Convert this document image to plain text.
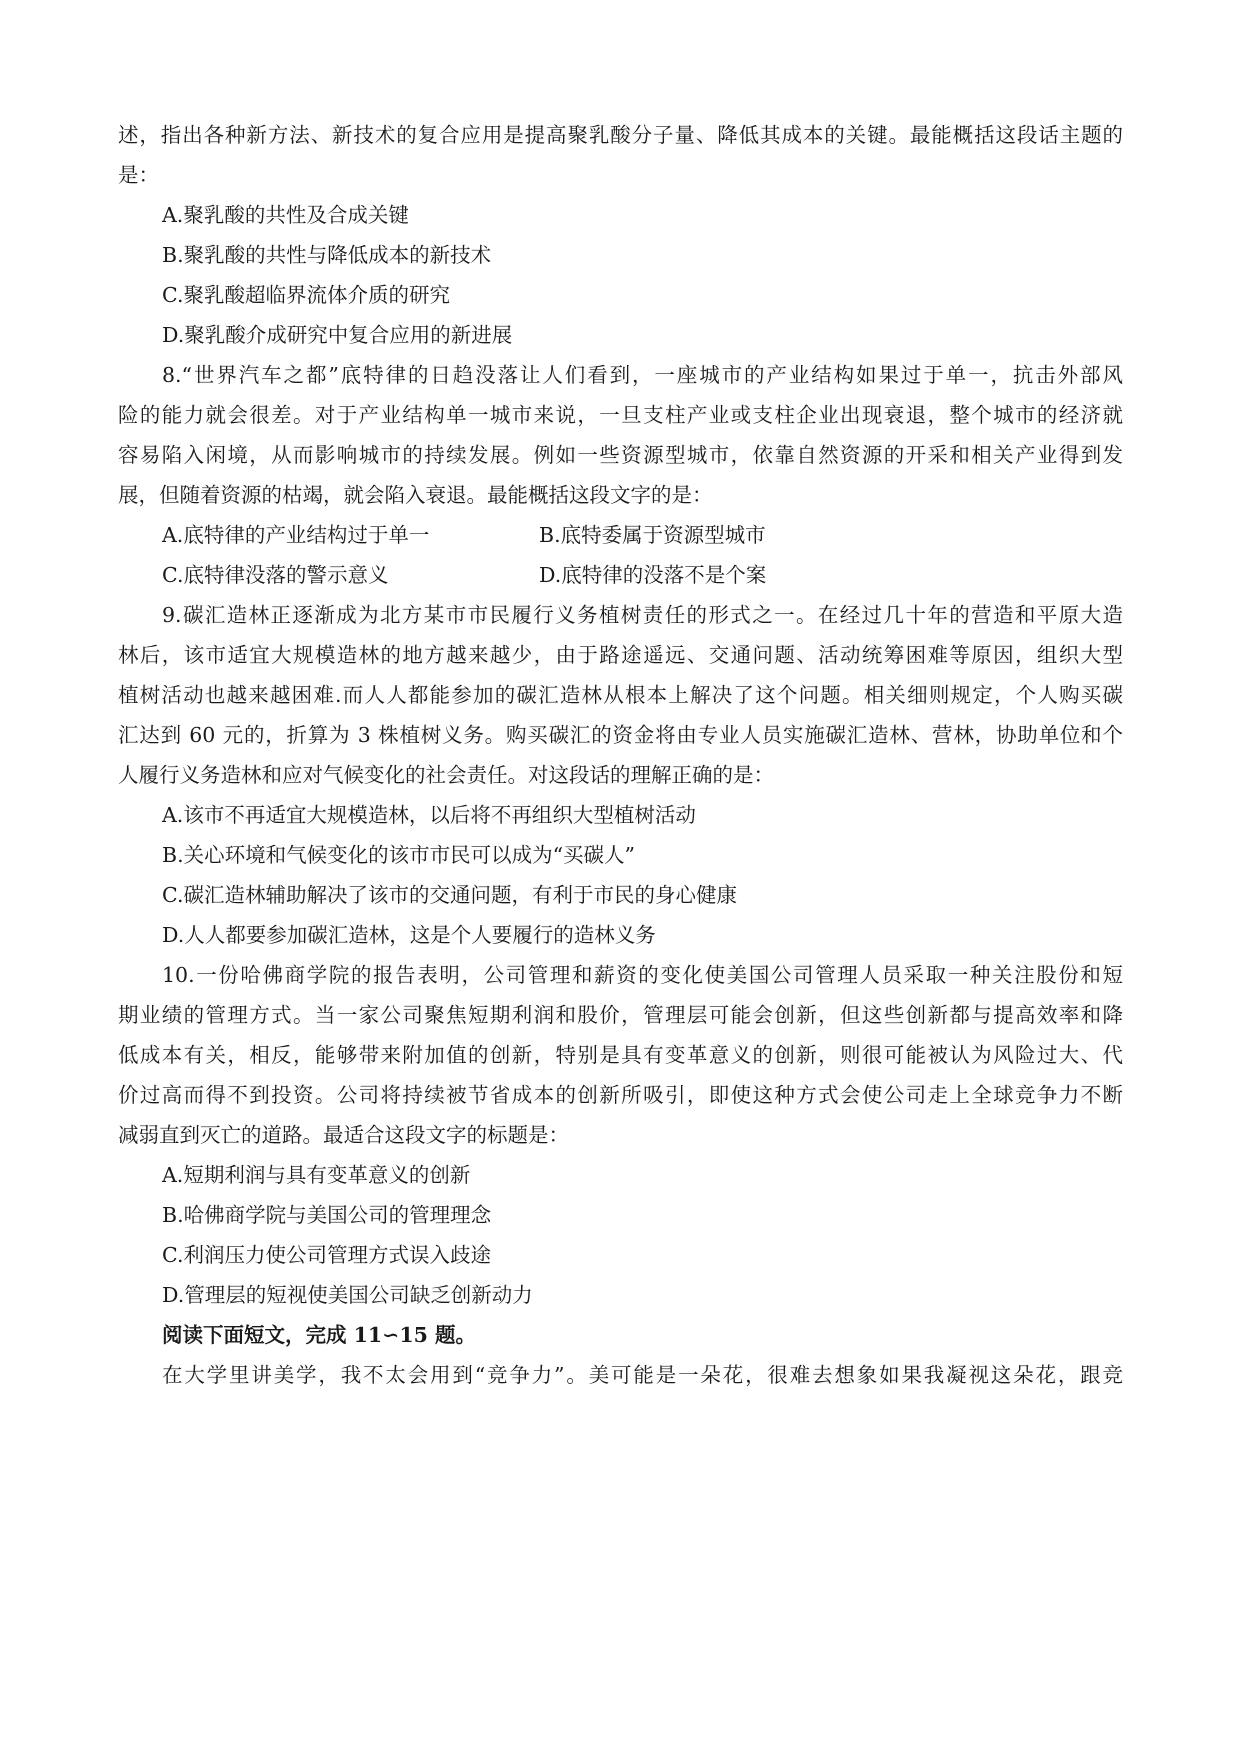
述，指出各种新方法、新技术的复合应用是提高聚乳酸分子量、降低其成本的关键。最能概括这段话主题的
是：
A.聚乳酸的共性及合成关键
B.聚乳酸的共性与降低成本的新技术
C.聚乳酸超临界流体介质的研究
D.聚乳酸介成研究中复合应用的新进展
8.“世界汽车之都”底特律的日趋没落让人们看到，一座城市的产业结构如果过于单一，抗击外部风
险的能力就会很差。对于产业结构单一城市来说，一旦支柱产业或支柱企业出现衰退，整个城市的经济就
容易陷入闲境，从而影响城市的持续发展。例如一些资源型城市，依靠自然资源的开采和相关产业得到发
展，但随着资源的枯竭，就会陷入衰退。最能概括这段文字的是：
A.底特律的产业结构过于单一	B.底特委属于资源型城市
C.底特律没落的警示意义	D.底特律的没落不是个案
9.碳汇造林正逐渐成为北方某市市民履行义务植树责任的形式之一。在经过几十年的营造和平原大造
林后，该市适宜大规模造林的地方越来越少，由于路途遥远、交通问题、活动统筹困难等原因，组织大型
植树活动也越来越困难.而人人都能参加的碳汇造林从根本上解决了这个问题。相关细则规定，个人购买碳
汇达到 60 元的，折算为 3 株植树义务。购买碳汇的资金将由专业人员实施碳汇造林、营林，协助单位和个
人履行义务造林和应对气候变化的社会责任。对这段话的理解正确的是：
A.该市不再适宜大规模造林，以后将不再组织大型植树活动
B.关心环境和气候变化的该市市民可以成为“买碳人”
C.碳汇造林辅助解决了该市的交通问题，有利于市民的身心健康
D.人人都要参加碳汇造林，这是个人要履行的造林义务
10.一份哈佛商学院的报告表明，公司管理和薪资的变化使美国公司管理人员采取一种关注股份和短
期业绩的管理方式。当一家公司聚焦短期利润和股价，管理层可能会创新，但这些创新都与提高效率和降
低成本有关，相反，能够带来附加值的创新，特别是具有变革意义的创新，则很可能被认为风险过大、代
价过高而得不到投资。公司将持续被节省成本的创新所吸引，即使这种方式会使公司走上全球竞争力不断
减弱直到灭亡的道路。最适合这段文字的标题是：
A.短期利润与具有变革意义的创新
B.哈佛商学院与美国公司的管理理念
C.利润压力使公司管理方式误入歧途
D.管理层的短视使美国公司缺乏创新动力
阅读下面短文，完成 11∽15 题。
在大学里讲美学，我不太会用到“竞争力”。美可能是一朵花，很难去想象如果我凝视这朵花，跟竞
